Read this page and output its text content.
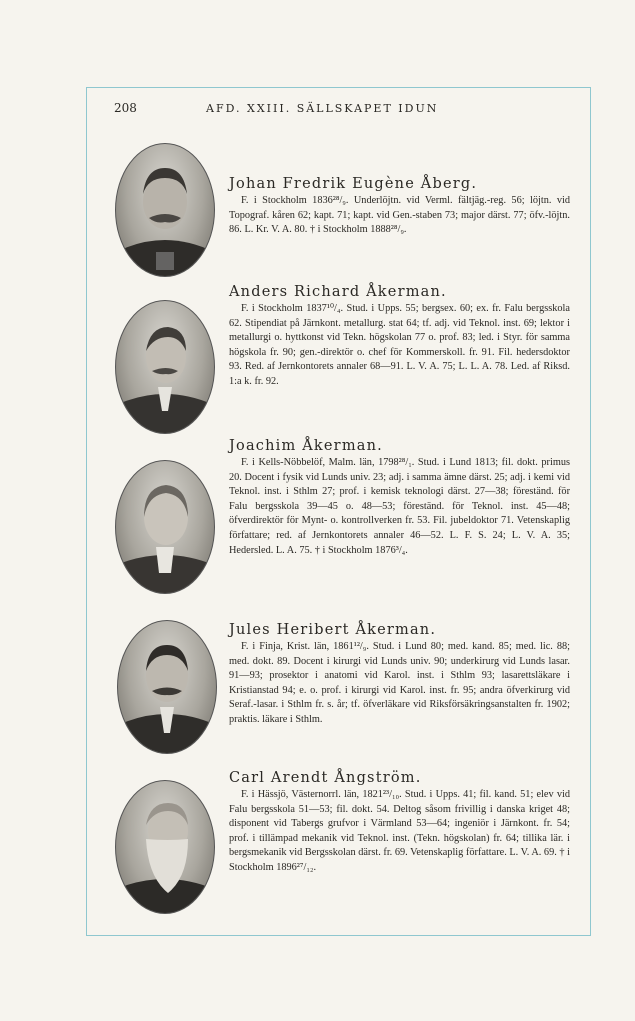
208	AFD. XXIII. SÄLLSKAPET IDUN
Johan Fredrik Eugène Åberg.

F. i Stockholm 1836²⁸/₉. Underlöjtn. vid Verml. fältjäg.-reg. 56; löjtn. vid Topograf. kåren 62; kapt. 71; kapt. vid Gen.-staben 73; major därst. 77; öfv.-löjtn. 86. L. Kr. V. A. 80. † i Stockholm 1888²⁸/₉.

Anders Richard Åkerman.

F. i Stockholm 1837¹⁰/₄. Stud. i Upps. 55; bergsex. 60; ex. fr. Falu bergsskola 62. Stipendiat på Järnkont. metallurg. stat 64; tf. adj. vid Teknol. inst. 69; lektor i metallurgi o. hyttkonst vid Tekn. högskolan 77 o. prof. 83; led. i Styr. för samma högskola fr. 90; gen.-direktör o. chef för Kommerskoll. fr. 91. Fil. hedersdoktor 93. Red. af Jernkontorets annaler 68—91. L. V. A. 75; L. L. A. 78. Led. af Riksd. 1:a k. fr. 92.

Joachim Åkerman.

F. i Kells-Nöbbelöf, Malm. län, 1798²⁸/₁. Stud. i Lund 1813; fil. dokt. primus 20. Docent i fysik vid Lunds univ. 23; adj. i samma ämne därst. 25; adj. i kemi vid Teknol. inst. i Sthlm 27; prof. i kemisk teknologi därst. 27—38; föreständ. för Falu bergsskola 39—45 o. 48—53; föreständ. för Teknol. inst. 45—48; öfverdirektör för Mynt- o. kontrollverken fr. 53. Fil. jubeldoktor 71. Vetenskaplig författare; red. af Jernkontorets annaler 46—52. L. F. S. 24; L. V. A. 35; Hedersled. L. A. 75. † i Stockholm 1876³/₄.

Jules Heribert Åkerman.

F. i Finja, Krist. län, 1861¹²/₉. Stud. i Lund 80; med. kand. 85; med. lic. 88; med. dokt. 89. Docent i kirurgi vid Lunds univ. 90; underkirurg vid Lunds lasar. 91—93; prosektor i anatomi vid Karol. inst. i Sthlm 93; lasarettsläkare i Kristianstad 94; e. o. prof. i kirurgi vid Karol. inst. fr. 95; andra öfverkirurg vid Seraf.-lasar. i Sthlm fr. s. år; tf. öfverläkare vid Riksförsäkringsanstalten fr. 1902; praktis. läkare i Sthlm.

Carl Arendt Ångström.

F. i Hässjö, Västernorrl. län, 1821²³/₁₀. Stud. i Upps. 41; fil. kand. 51; elev vid Falu bergsskola 51—53; fil. dokt. 54. Deltog såsom frivillig i danska kriget 48; disponent vid Tabergs grufvor i Värmland 53—64; ingeniör i Järnkont. fr. 54; prof. i tillämpad mekanik vid Teknol. inst. (Tekn. högskolan) fr. 64; tillika lär. i bergsmekanik vid Bergsskolan därst. fr. 69. Vetenskaplig författare. L. V. A. 69. † i Stockholm 1896²⁷/₁₂.
